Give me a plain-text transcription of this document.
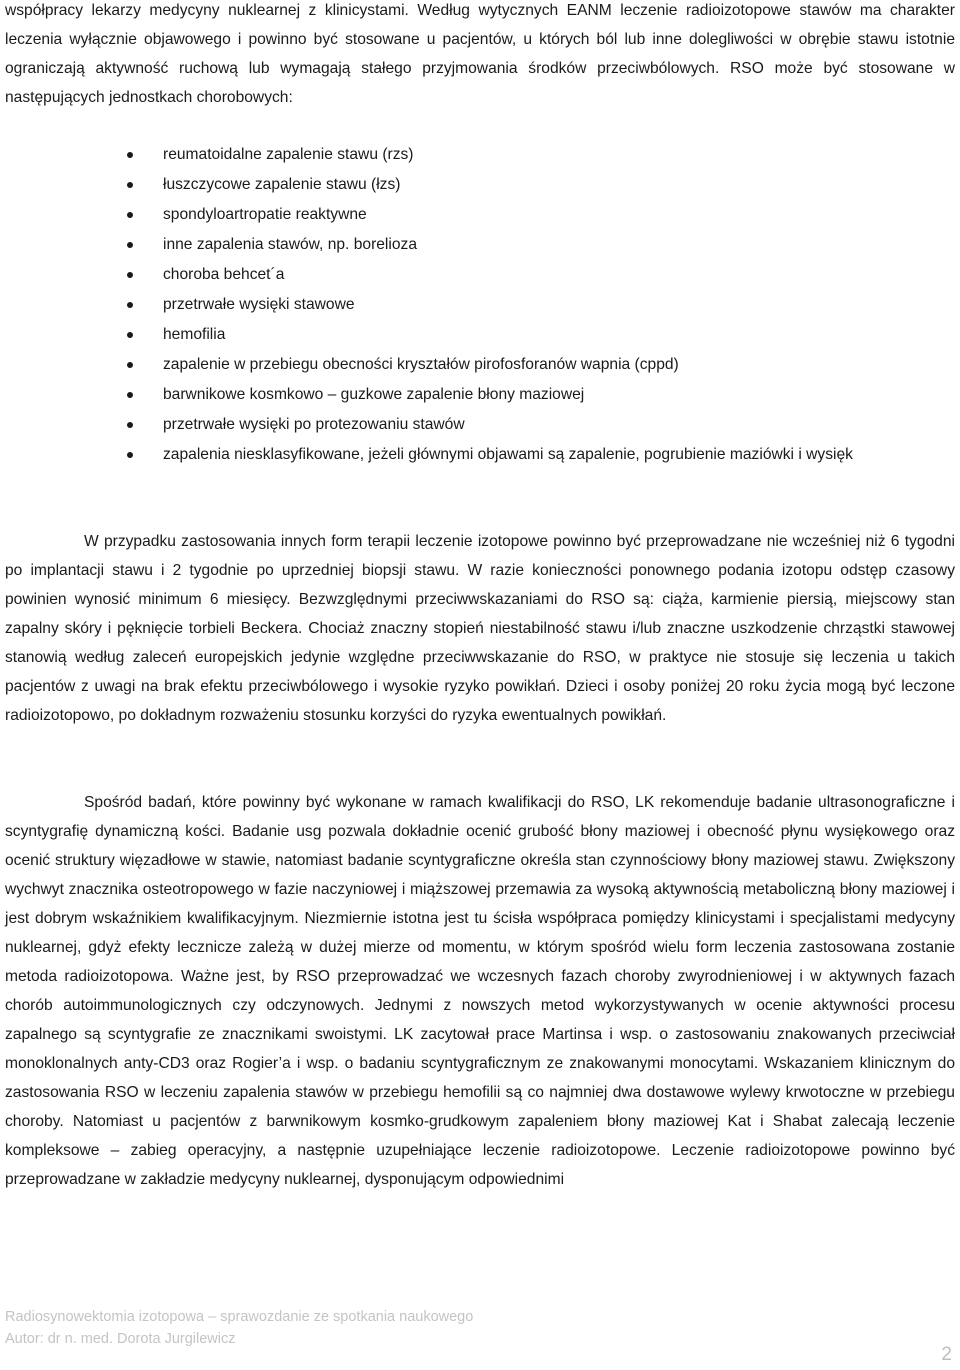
współpracy lekarzy medycyny nuklearnej z klinicystami. Według wytycznych EANM leczenie radioizotopowe stawów ma charakter leczenia wyłącznie objawowego i powinno być stosowane u pacjentów, u których ból lub inne dolegliwości w obrębie stawu istotnie ograniczają aktywność ruchową lub wymagają stałego przyjmowania środków przeciwbólowych. RSO może być stosowane w następujących jednostkach chorobowych:

reumatoidalne zapalenie stawu (rzs)
łuszczycowe zapalenie stawu (łzs)
spondyloartropatie reaktywne
inne zapalenia stawów, np. borelioza
choroba behcet´a
przetrwałe wysięki stawowe
hemofilia
zapalenie w przebiegu obecności kryształów pirofosforanów wapnia (cppd)
barwnikowe kosmkowo – guzkowe zapalenie błony maziowej
przetrwałe wysięki po protezowaniu stawów
zapalenia niesklasyfikowane, jeżeli głównymi objawami są zapalenie, pogrubienie maziówki i wysięk

W przypadku zastosowania innych form terapii leczenie izotopowe powinno być przeprowadzane nie wcześniej niż 6 tygodni po implantacji stawu i 2 tygodnie po uprzedniej biopsji stawu. W razie konieczności ponownego podania izotopu odstęp czasowy powinien wynosić minimum 6 miesięcy. Bezwzględnymi przeciwwskazaniami do RSO są: ciąża, karmienie piersią, miejscowy stan zapalny skóry i pęknięcie torbieli Beckera. Chociaż znaczny stopień niestabilność stawu i/lub znaczne uszkodzenie chrząstki stawowej stanowią według zaleceń europejskich jedynie względne przeciwwskazanie do RSO, w praktyce nie stosuje się leczenia u takich pacjentów z uwagi na brak efektu przeciwbólowego i wysokie ryzyko powikłań. Dzieci i osoby poniżej 20 roku życia mogą być leczone radioizotopowo, po dokładnym rozważeniu stosunku korzyści do ryzyka ewentualnych powikłań.

Spośród badań, które powinny być wykonane w ramach kwalifikacji do RSO, LK rekomenduje badanie ultrasonograficzne i scyntygrafię dynamiczną kości. Badanie usg pozwala dokładnie ocenić grubość błony maziowej i obecność płynu wysiękowego oraz ocenić struktury więzadłowe w stawie, natomiast badanie scyntygraficzne określa stan czynnościowy błony maziowej stawu. Zwiększony wychwyt znacznika osteotropowego w fazie naczyniowej i miąższowej przemawia za wysoką aktywnością metaboliczną błony maziowej i jest dobrym wskaźnikiem kwalifikacyjnym. Niezmiernie istotna jest tu ścisła współpraca pomiędzy klinicystami i specjalistami medycyny nuklearnej, gdyż efekty lecznicze zależą w dużej mierze od momentu, w którym spośród wielu form leczenia zastosowana zostanie metoda radioizotopowa. Ważne jest, by RSO przeprowadzać we wczesnych fazach choroby zwyrodnieniowej i w aktywnych fazach chorób autoimmunologicznych czy odczynowych. Jednymi z nowszych metod wykorzystywanych w ocenie aktywności procesu zapalnego są scyntygrafie ze znacznikami swoistymi. LK zacytował prace Martinsa i wsp. o zastosowaniu znakowanych przeciwciał monoklonalnych anty-CD3 oraz Rogier’a i wsp. o badaniu scyntygraficznym ze znakowanymi monocytami. Wskazaniem klinicznym do zastosowania RSO w leczeniu zapalenia stawów w przebiegu hemofilii są co najmniej dwa dostawowe wylewy krwotoczne w przebiegu choroby. Natomiast u pacjentów z barwnikowym kosmko-grudkowym zapaleniem błony maziowej Kat i Shabat zalecają leczenie kompleksowe – zabieg operacyjny, a następnie uzupełniające leczenie radioizotopowe. Leczenie radioizotopowe powinno być przeprowadzane w zakładzie medycyny nuklearnej, dysponującym odpowiednimi

Radiosynowektomia izotopowa – sprawozdanie ze spotkania naukowego
Autor: dr n. med. Dorota Jurgilewicz
2
